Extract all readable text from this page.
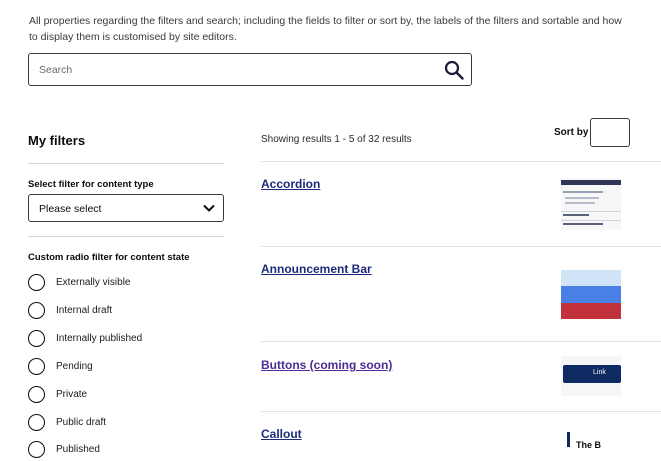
All properties regarding the filters and search; including the fields to filter or sort by, the labels of the filters and sortable and how to display them is customised by site editors.
Search
My filters
Select filter for content type
Please select
Custom radio filter for content state
Externally visible
Internal draft
Internally published
Pending
Private
Public draft
Published
Showing results 1 - 5 of 32 results
Sort by
Accordion
Announcement Bar
Buttons (coming soon)
Link
Callout
The B
